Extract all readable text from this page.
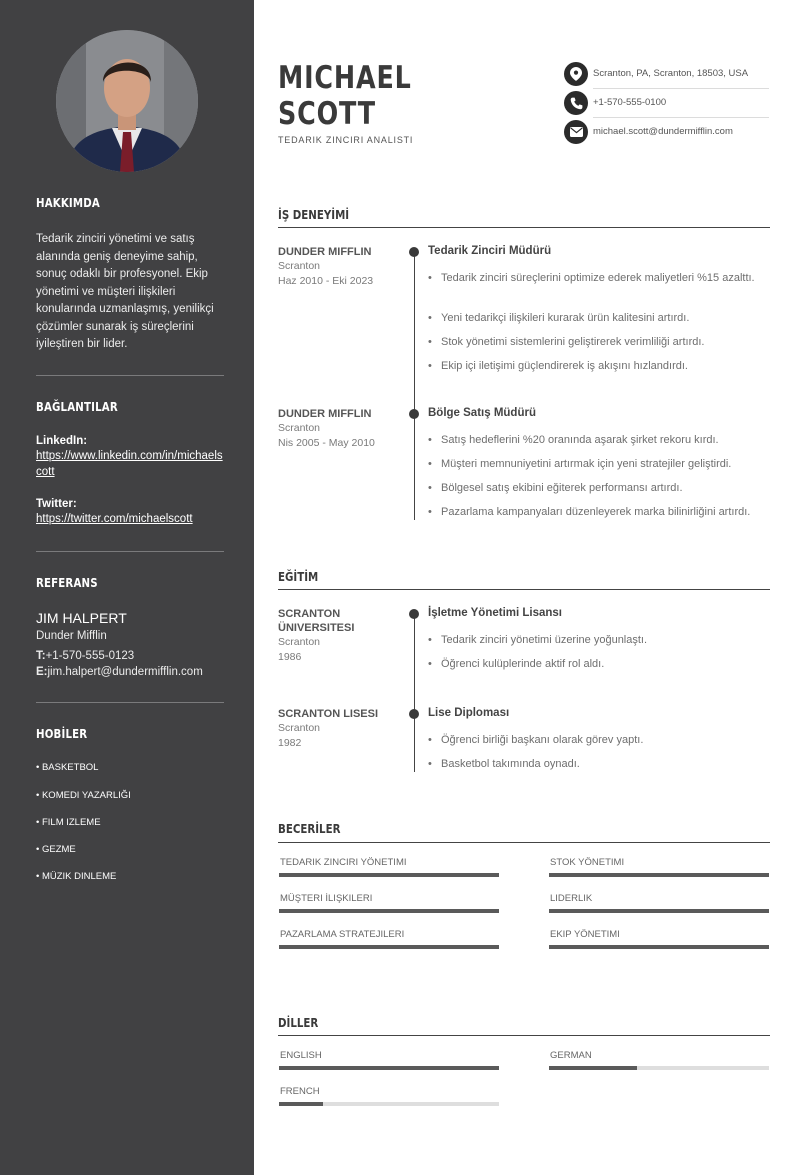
HAKKIMDA
Tedarik zinciri yönetimi ve satış alanında geniş deneyime sahip, sonuç odaklı bir profesyonel. Ekip yönetimi ve müşteri ilişkileri konularında uzmanlaşmış, yenilikçi çözümler sunarak iş süreçlerini iyileştiren bir lider.
BAĞLANTILAR
LinkedIn:
https://www.linkedin.com/in/michaelscott
Twitter:
https://twitter.com/michaelscott
REFERANS
JIM HALPERT
Dunder Mifflin
T:+1-570-555-0123
E:jim.halpert@dundermifflin.com
HOBİLER
• BASKETBOL
• KOMEDI YAZARLIĞI
• FILM IZLEME
• GEZME
• MÜZIK DINLEME
MICHAEL
SCOTT
TEDARIK ZINCIRI ANALISTI
Scranton, PA, Scranton, 18503, USA
+1-570-555-0100
michael.scott@dundermifflin.com
İŞ DENEYİMİ
DUNDER MIFFLIN
Scranton
Haz 2010 - Eki 2023
Tedarik Zinciri Müdürü
• Tedarik zinciri süreçlerini optimize ederek maliyetleri %15 azalttı.
• Yeni tedarikçi ilişkileri kurarak ürün kalitesini artırdı.
• Stok yönetimi sistemlerini geliştirerek verimliliği artırdı.
• Ekip içi iletişimi güçlendirerek iş akışını hızlandırdı.
DUNDER MIFFLIN
Scranton
Nis 2005 - May 2010
Bölge Satış Müdürü
• Satış hedeflerini %20 oranında aşarak şirket rekoru kırdı.
• Müşteri memnuniyetini artırmak için yeni stratejiler geliştirdi.
• Bölgesel satış ekibini eğiterek performansı artırdı.
• Pazarlama kampanyaları düzenleyerek marka bilinirliğini artırdı.
EĞİTİM
SCRANTON ÜNIVERSITESI
Scranton
1986
İşletme Yönetimi Lisansı
• Tedarik zinciri yönetimi üzerine yoğunlaştı.
• Öğrenci kulüplerinde aktif rol aldı.
SCRANTON LISESI
Scranton
1982
Lise Diploması
• Öğrenci birliği başkanı olarak görev yaptı.
• Basketbol takımında oynadı.
BECERİLER
TEDARIK ZINCIRI YÖNETIMI	STOK YÖNETIMI
MÜŞTERI İLIŞKILERI	LIDERLIK
PAZARLAMA STRATEJILERI	EKIP YÖNETIMI
DİLLER
ENGLISH	GERMAN
FRENCH
